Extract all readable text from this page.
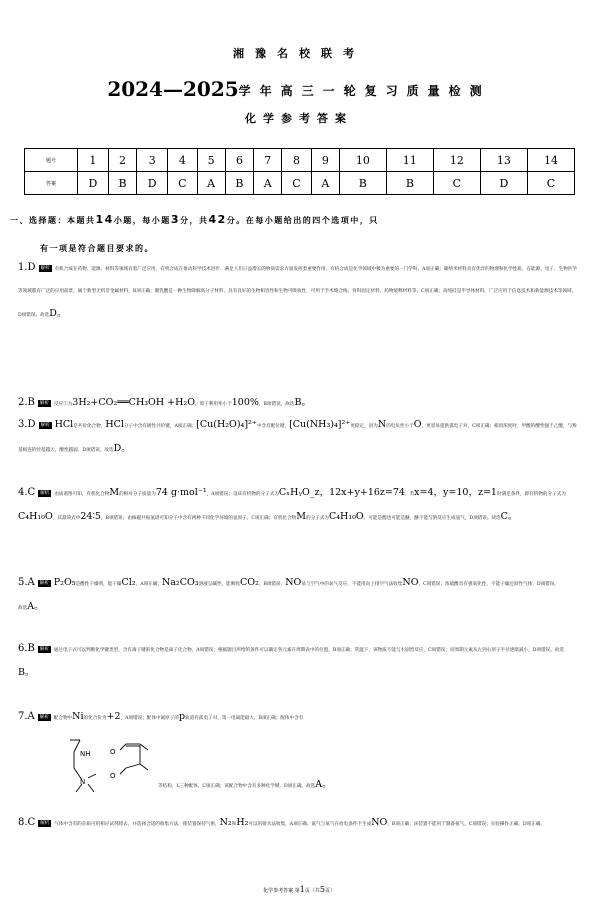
湘豫名校联考
2024—2025学年高三一轮复习质量检测
化学参考答案
题号	1	2	3	4	5	6	7	8	9	10	11	12	13	14
答案	D	B	D	C	A	B	A	C	A	B	B	C	D	C
一、选择题：本题共14小题，每小题3分，共42分。在每小题给出的四个选项中，只
有一项是符合题目要求的。
1.D 解析 有机合成在药物、能源、材料等领域有着广泛应用，有机合成在推动科学技术进步、满足人们日益增长的物质需求方面发挥着重要作用，有机合成是化学领域中极为重要的一门学科。A项正确；碳纳米材料具有优异的物理和化学性质，在能源、电子、生物医学等领域都有广泛的应用前景，属于新型无机非金属材料，B项正确；聚乳酸是一种生物降解高分子材料，具有良好的生物相容性和生物可吸收性，可用于手术缝合线、骨科固定材料、药物缓释材料等，C项正确；高纯硅是半导体材料，广泛应用于信息技术和新能源技术等领域，
D项错误。故选D。
2.B 解析 反应②为3H₂+CO₂══CH₃OH +H₂O，原子利用率小于100%，B项错误。故选B。
3.D 解析 HCl是共价化合物，HCl分子中含有极性共价键，A项正确；[Cu(H₂O)₄]²⁺中含有配位键，[Cu(NH₃)₄]²⁺更稳定，因为N的电负性小于O，更容易提供孤电子对，C项正确；相同浓度时，甲酸的酸性强于乙酸，与羧基相连的烃基越大，酸性越弱，D项错误。故选D。
4.C 解析 由质谱图可知，有机化合物M的相对分子质量为74 g·mol⁻¹，A项错误；设该有机物的分子式为CₓHᵧO_z，12x+y+16z=74，若x=4，y=10，z=1时满足条件，即有机物的分子式为C₄H₁₀O，其最简式中24∶5，B项错误；由核磁共振氢谱可知分子中含有两种不同化学环境的氢原子，C项正确；有机化合物M的分子式为C₄H₁₀O，可能是醇也可能是醚，醚不能与钠反应生成氢气，D项错误。故选C。
5.A 解析 P₂O₅是酸性干燥剂，能干燥Cl₂，A项正确；Na₂CO₃溶液呈碱性，能吸收CO₂，B项错误；NO易与空气中的氧气反应，不能用向上排空气法收集NO，C项错误；浓硫酸具有强氧化性，不能干燥还原性气体，D项错误。
故选A。
6.B 解析 通过电子式可以判断化学键类型，含有离子键的化合物是离子化合物，A项错误；根据题目所给的条件可以确定各元素在周期表中的位置，B项正确；常温下，该物质不能与水剧烈反应，C项错误；同周期元素从左到右原子半径逐渐减小，D项错误。故选B。
7.A 解析 配合物中Ni的化合价为+2，A项错误；配体中氮原子的p轨道有孤电子对，第一电离能最大，B项正确；配体中含有
等结构，L三种配体，C项正确；该配合物中含有多种化学键，D项正确。故选A。
NH
N
O
O
8.C 解析 气体中含有的杂质可用相应试剂除去，并选择合适的收集方法，使装置保持气密，N₂和H₂可以用排水法收集，A项正确；氮气与氧气在放电条件下生成NO，B项正确；该装置不能用于制备氨气，C项错误；实验操作正确，D项正确。
化学参考答案 第1页（共5页）
